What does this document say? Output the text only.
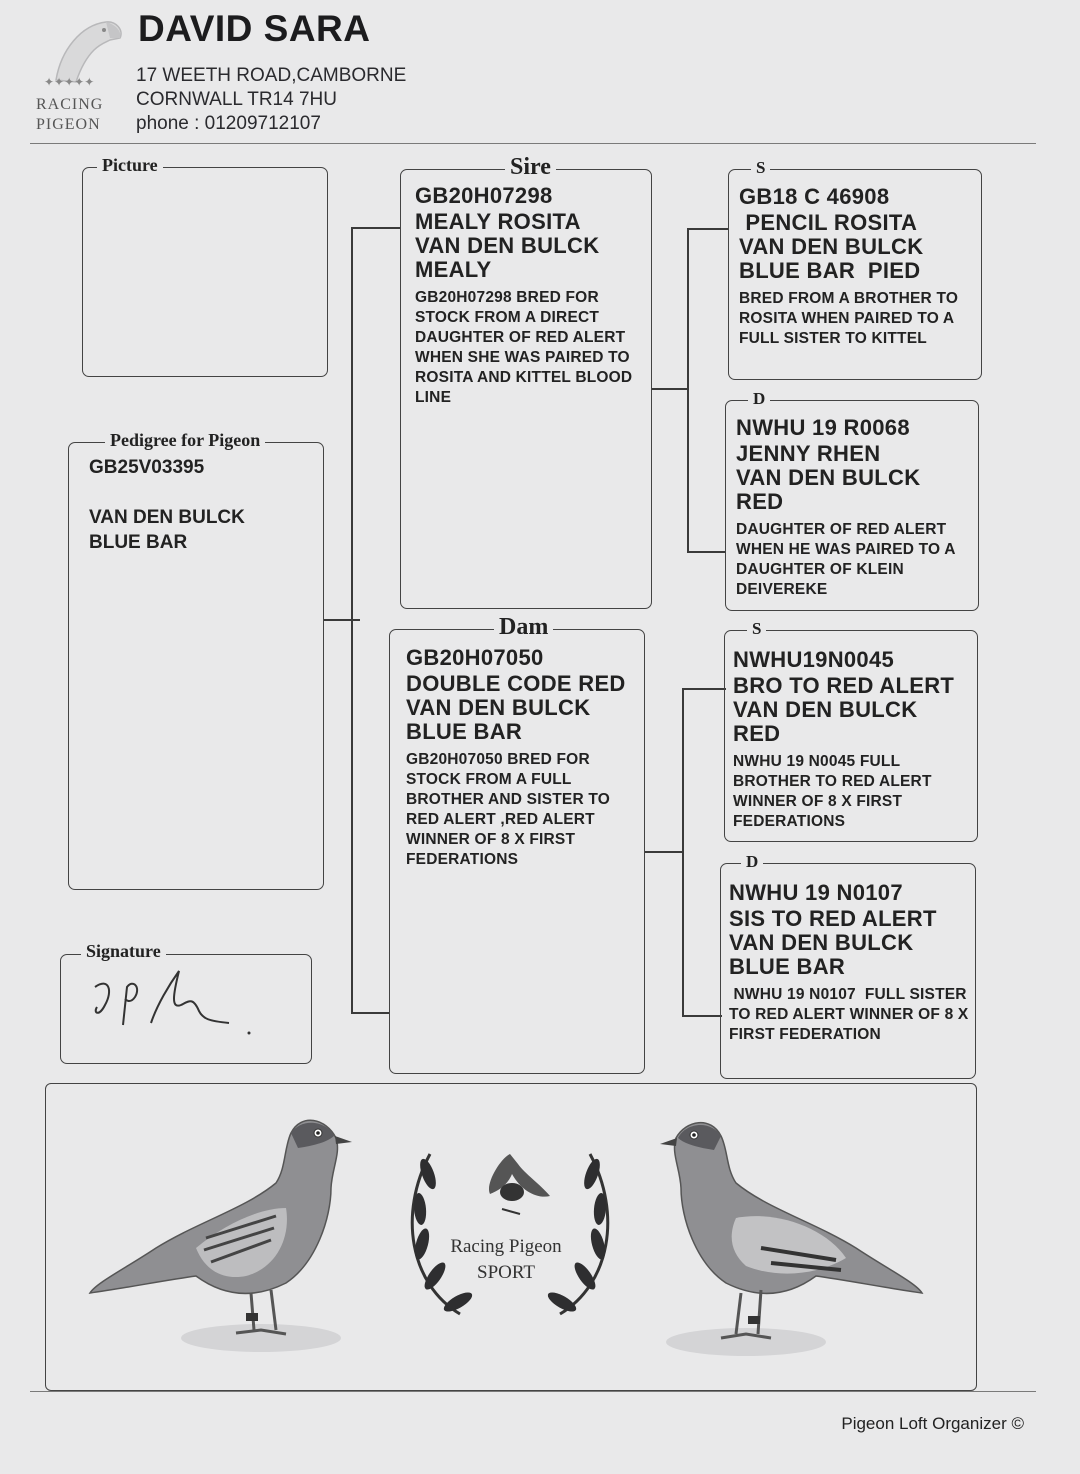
✦✦✦✦✦
RACING
PIGEON
DAVID SARA
17 WEETH ROAD,CAMBORNE
CORNWALL TR14 7HU
phone : 01209712107
Picture
Pedigree for Pigeon
GB25V03395
VAN DEN BULCK
BLUE BAR
Signature
Sire
GB20H07298
MEALY ROSITA
VAN DEN BULCK
MEALY
GB20H07298 BRED FOR STOCK FROM A DIRECT DAUGHTER OF RED ALERT WHEN SHE WAS PAIRED TO ROSITA AND KITTEL BLOOD LINE
Dam
GB20H07050
DOUBLE CODE RED
VAN DEN BULCK
BLUE BAR
GB20H07050 BRED FOR STOCK FROM A FULL BROTHER AND SISTER TO RED ALERT ,RED ALERT WINNER OF 8 X FIRST FEDERATIONS
S
GB18 C 46908
PENCIL ROSITA
VAN DEN BULCK
BLUE BAR  PIED
BRED FROM A BROTHER TO ROSITA WHEN PAIRED TO A FULL SISTER TO KITTEL
D
NWHU 19 R0068
JENNY RHEN
VAN DEN BULCK
RED
DAUGHTER OF RED ALERT WHEN HE WAS PAIRED TO A DAUGHTER OF KLEIN DEIVEREKE
S
NWHU19N0045
BRO TO RED ALERT
VAN DEN BULCK
RED
NWHU 19 N0045 FULL BROTHER TO RED ALERT WINNER OF 8 X FIRST FEDERATIONS
D
NWHU 19 N0107
SIS TO RED ALERT
VAN DEN BULCK
BLUE BAR
NWHU 19 N0107  FULL SISTER TO RED ALERT WINNER OF 8 X FIRST FEDERATION
Racing Pigeon
SPORT
Pigeon Loft Organizer ©
